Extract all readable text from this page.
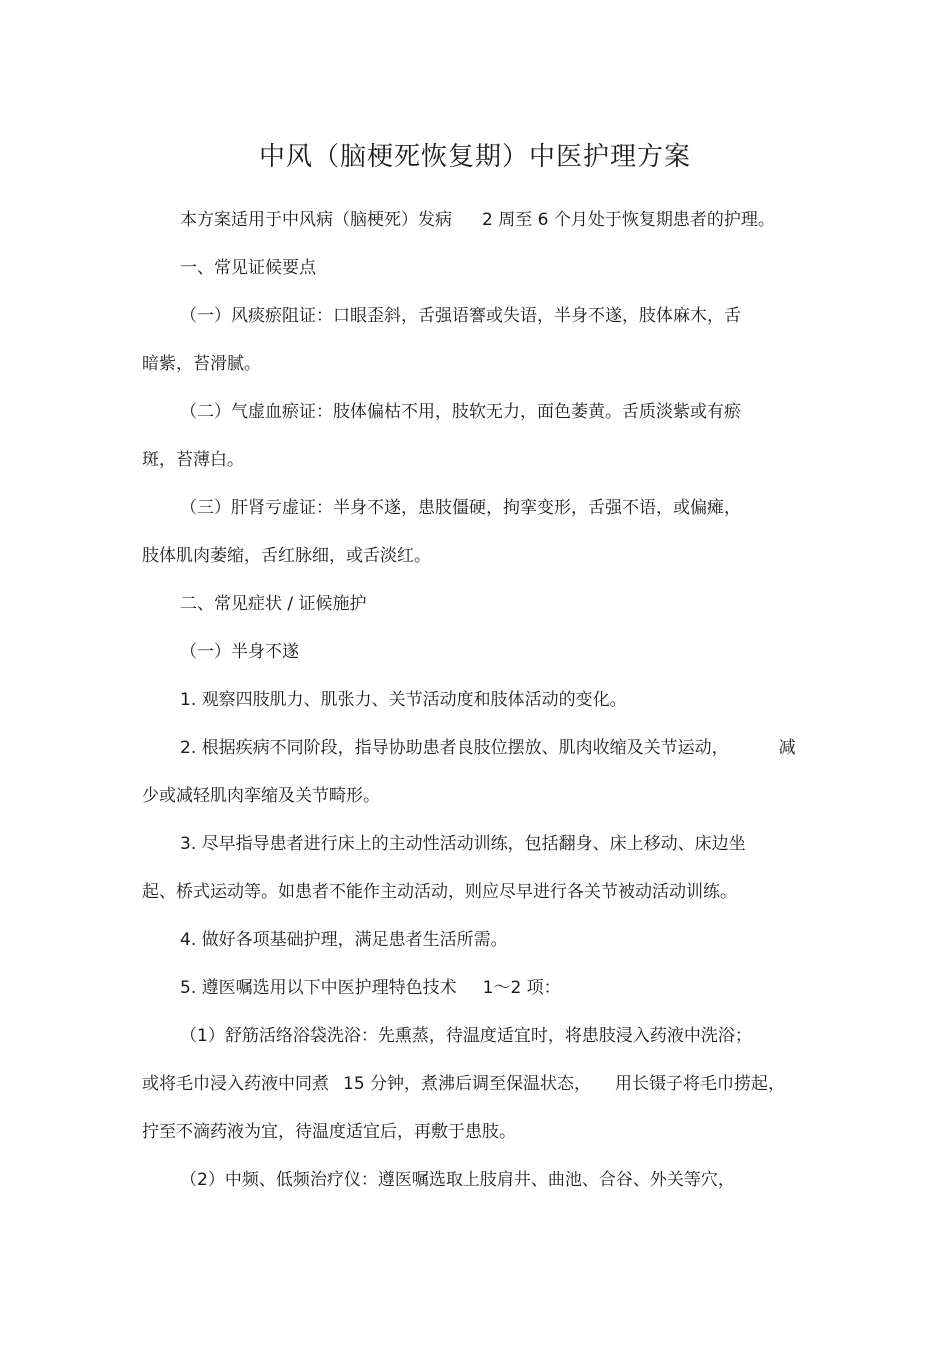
中风（脑梗死恢复期）中医护理方案
本方案适用于中风病（脑梗死）发病 2 周至 6 个月处于恢复期患者的护理。
一、常见证候要点
（一）风痰瘀阻证：口眼歪斜，舌强语謇或失语，半身不遂，肢体麻木，舌
暗紫，苔滑腻。
（二）气虚血瘀证：肢体偏枯不用，肢软无力，面色萎黄。舌质淡紫或有瘀
斑，苔薄白。
（三）肝肾亏虚证：半身不遂，患肢僵硬，拘挛变形，舌强不语，或偏瘫，
肢体肌肉萎缩，舌红脉细，或舌淡红。
二、常见症状 / 证候施护
（一）半身不遂
1. 观察四肢肌力、肌张力、关节活动度和肢体活动的变化。
2. 根据疾病不同阶段，指导协助患者良肢位摆放、肌肉收缩及关节运动，	减
少或减轻肌肉挛缩及关节畸形。
3. 尽早指导患者进行床上的主动性活动训练，包括翻身、床上移动、床边坐
起、桥式运动等。如患者不能作主动活动，则应尽早进行各关节被动活动训练。
4. 做好各项基础护理，满足患者生活所需。
5. 遵医嘱选用以下中医护理特色技术 1～2 项：
（1）舒筋活络浴袋洗浴：先熏蒸，待温度适宜时，将患肢浸入药液中洗浴；
或将毛巾浸入药液中同煮 15 分钟，煮沸后调至保温状态， 用长镊子将毛巾捞起，
拧至不滴药液为宜，待温度适宜后，再敷于患肢。
（2）中频、低频治疗仪：遵医嘱选取上肢肩井、曲池、合谷、外关等穴，
